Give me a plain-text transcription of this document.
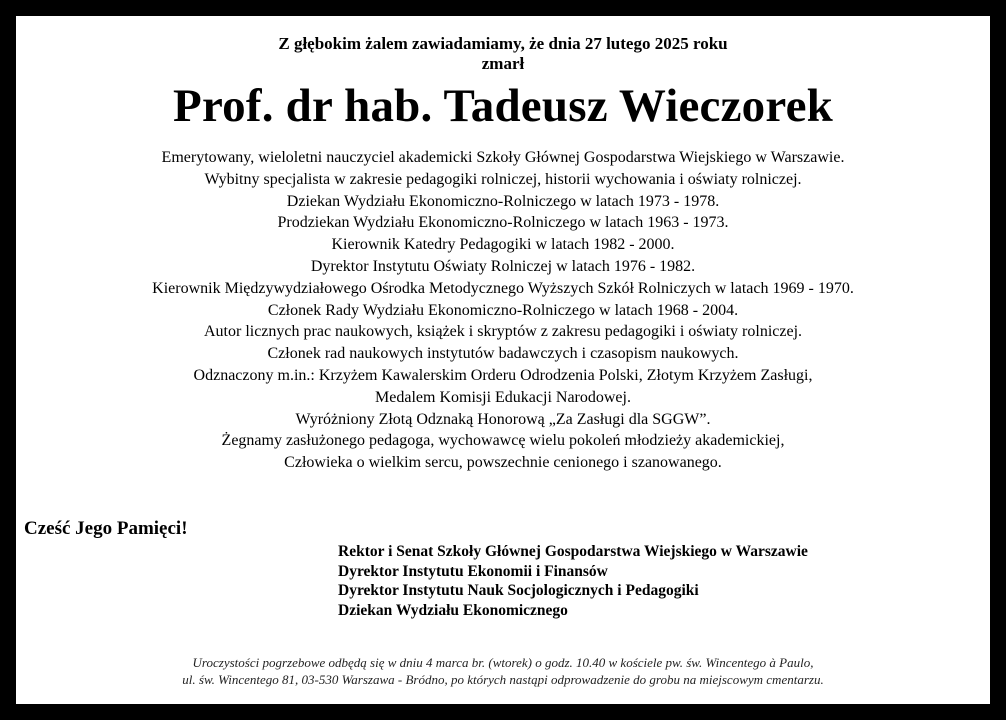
Z głębokim żalem zawiadamiamy, że dnia 27 lutego 2025 roku
zmarł
Prof. dr hab. Tadeusz Wieczorek
Emerytowany, wieloletni nauczyciel akademicki Szkoły Głównej Gospodarstwa Wiejskiego w Warszawie.
Wybitny specjalista w zakresie pedagogiki rolniczej, historii wychowania i oświaty rolniczej.
Dziekan Wydziału Ekonomiczno-Rolniczego w latach 1973 - 1978.
Prodziekan Wydziału Ekonomiczno-Rolniczego w latach 1963 - 1973.
Kierownik Katedry Pedagogiki w latach 1982 - 2000.
Dyrektor Instytutu Oświaty Rolniczej w latach 1976 - 1982.
Kierownik Międzywydziałowego Ośrodka Metodycznego Wyższych Szkół Rolniczych w latach 1969 - 1970.
Członek Rady Wydziału Ekonomiczno-Rolniczego w latach 1968 - 2004.
Autor licznych prac naukowych, książek i skryptów z zakresu pedagogiki i oświaty rolniczej.
Członek rad naukowych instytutów badawczych i czasopism naukowych.
Odznaczony m.in.: Krzyżem Kawalerskim Orderu Odrodzenia Polski, Złotym Krzyżem Zasługi,
Medalem Komisji Edukacji Narodowej.
Wyróżniony Złotą Odznaką Honorową „Za Zasługi dla SGGW”.
Żegnamy zasłużonego pedagoga, wychowawcę wielu pokoleń młodzieży akademickiej,
Człowieka o wielkim sercu, powszechnie cenionego i szanowanego.
Cześć Jego Pamięci!
Rektor i Senat Szkoły Głównej Gospodarstwa Wiejskiego w Warszawie
Dyrektor Instytutu Ekonomii i Finansów
Dyrektor Instytutu Nauk Socjologicznych i Pedagogiki
Dziekan Wydziału Ekonomicznego
Uroczystości pogrzebowe odbędą się w dniu 4 marca br. (wtorek) o godz. 10.40 w kościele pw. św. Wincentego à Paulo,
ul. św. Wincentego 81, 03-530 Warszawa - Bródno, po których nastąpi odprowadzenie do grobu na miejscowym cmentarzu.
